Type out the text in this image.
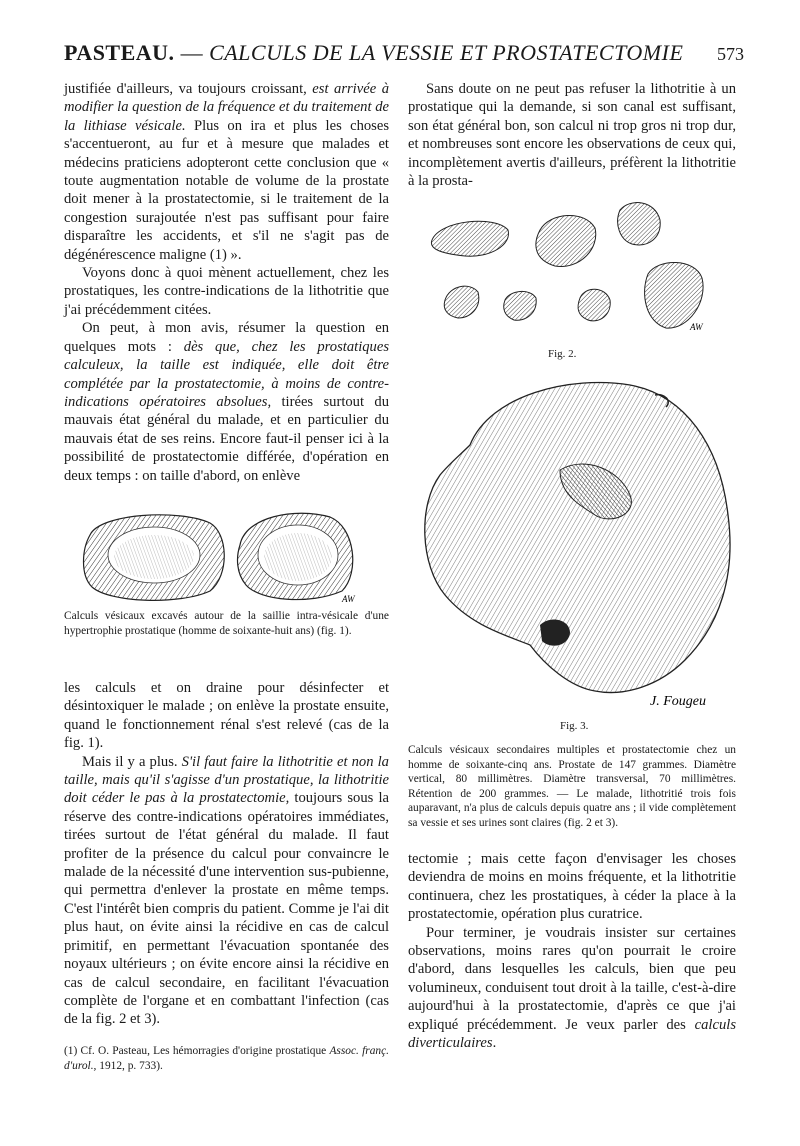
PASTEAU. — CALCULS DE LA VESSIE ET PROSTATECTOMIE 573

justifiée d'ailleurs, va toujours croissant, est arrivée à modifier la question de la fréquence et du traitement de la lithiase vésicale. Plus on ira et plus les choses s'accentueront, au fur et à mesure que malades et médecins praticiens adopteront cette conclusion que « toute augmentation notable de volume de la prostate doit mener à la prostatectomie, si le traitement de la congestion surajoutée n'est pas suffisant pour faire disparaître les accidents, et s'il ne s'agit pas de dégénérescence maligne (1) ».

Voyons donc à quoi mènent actuellement, chez les prostatiques, les contre-indications de la lithotritie que j'ai précédemment citées.

On peut, à mon avis, résumer la question en quelques mots : dès que, chez les prostatiques calculeux, la taille est indiquée, elle doit être complétée par la prostatectomie, à moins de contre-indications opératoires absolues, tirées surtout du mauvais état général du malade, et en particulier du mauvais état de ses reins. Encore faut-il penser ici à la possibilité de prostatectomie différée, d'opération en deux temps : on taille d'abord, on enlève

Sans doute on ne peut pas refuser la lithotritie à un prostatique qui la demande, si son canal est suffisant, son état général bon, son calcul ni trop gros ni trop dur, et nombreuses sont encore les observations de ceux qui, incomplètement avertis d'ailleurs, préfèrent la lithotritie à la prosta-

AW
Calculs vésicaux excavés autour de la saillie intra-vésicale d'une hypertrophie prostatique (homme de soixante-huit ans) (fig. 1).
AW
Fig. 2.
J. Fougeu
Fig. 3.
Calculs vésicaux secondaires multiples et prostatectomie chez un homme de soixante-cinq ans. Prostate de 147 grammes. Diamètre vertical, 80 millimètres. Diamètre transversal, 70 millimètres. Rétention de 200 grammes. — Le malade, lithotritié trois fois auparavant, n'a plus de calculs depuis quatre ans ; il vide complètement sa vessie et ses urines sont claires (fig. 2 et 3).

les calculs et on draine pour désinfecter et désintoxiquer le malade ; on enlève la prostate ensuite, quand le fonctionnement rénal s'est relevé (cas de la fig. 1).

Mais il y a plus. S'il faut faire la lithotritie et non la taille, mais qu'il s'agisse d'un prostatique, la lithotritie doit céder le pas à la prostatectomie, toujours sous la réserve des contre-indications opératoires immédiates, tirées surtout de l'état général du malade. Il faut profiter de la présence du calcul pour convaincre le malade de la nécessité d'une intervention sus-pubienne, qui permettra d'enlever la prostate en même temps. C'est l'intérêt bien compris du patient. Comme je l'ai dit plus haut, on évite ainsi la récidive en cas de calcul primitif, en permettant l'évacuation spontanée des noyaux ultérieurs ; on évite encore ainsi la récidive en cas de calcul secondaire, en facilitant l'évacuation complète de l'organe et en combattant l'infection (cas de la fig. 2 et 3).

(1) Cf. O. Pasteau, Les hémorragies d'origine prostatique Assoc. franç. d'urol., 1912, p. 733).

tectomie ; mais cette façon d'envisager les choses deviendra de moins en moins fréquente, et la lithotritie continuera, chez les prostatiques, à céder la place à la prostatectomie, opération plus curatrice.

Pour terminer, je voudrais insister sur certaines observations, moins rares qu'on pourrait le croire d'abord, dans lesquelles les calculs, bien que peu volumineux, conduisent tout droit à la taille, c'est-à-dire aujourd'hui à la prostatectomie, d'après ce que j'ai expliqué précédemment. Je veux parler des calculs diverticulaires.
